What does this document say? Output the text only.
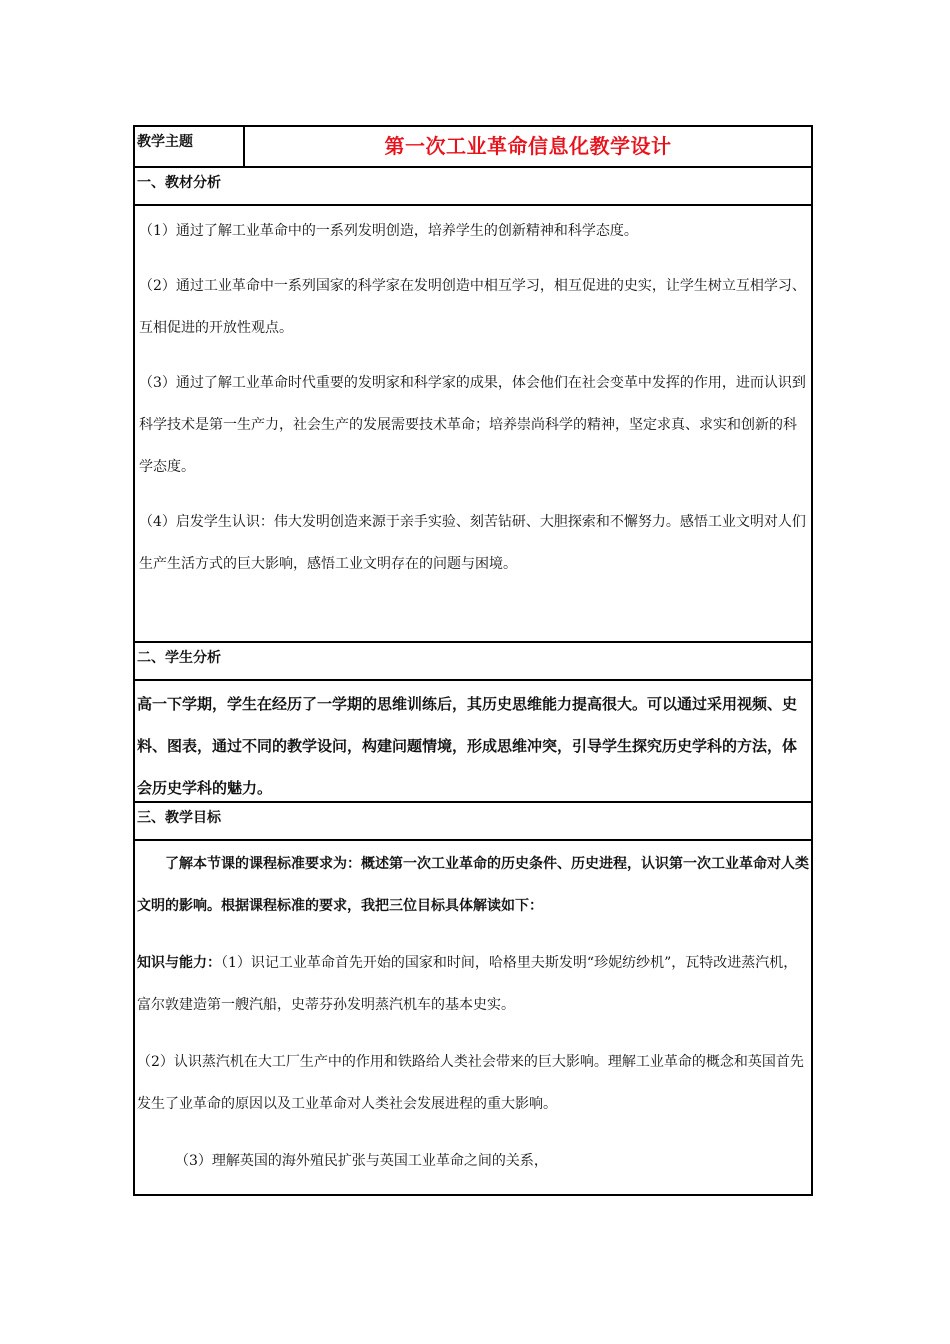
教学主题	第一次工业革命信息化教学设计
一、教材分析

（1）通过了解工业革命中的一系列发明创造，培养学生的创新精神和科学态度。

（2）通过工业革命中一系列国家的科学家在发明创造中相互学习，相互促进的史实，让学生树立互相学习、互相促进的开放性观点。

（3）通过了解工业革命时代重要的发明家和科学家的成果，体会他们在社会变革中发挥的作用，进而认识到科学技术是第一生产力，社会生产的发展需要技术革命；培养崇尚科学的精神，坚定求真、求实和创新的科学态度。

（4）启发学生认识：伟大发明创造来源于亲手实验、刻苦钻研、大胆探索和不懈努力。感悟工业文明对人们生产生活方式的巨大影响，感悟工业文明存在的问题与困境。

二、学生分析
高一下学期，学生在经历了一学期的思维训练后，其历史思维能力提高很大。可以通过采用视频、史料、图表，通过不同的教学设问，构建问题情境，形成思维冲突，引导学生探究历史学科的方法，体会历史学科的魅力。
三、教学目标

了解本节课的课程标准要求为：概述第一次工业革命的历史条件、历史进程，认识第一次工业革命对人类文明的影响。根据课程标准的要求，我把三位目标具体解读如下：

知识与能力：（1）识记工业革命首先开始的国家和时间，哈格里夫斯发明“珍妮纺纱机”，瓦特改进蒸汽机，富尔敦建造第一艘汽船，史蒂芬孙发明蒸汽机车的基本史实。

（2）认识蒸汽机在大工厂生产中的作用和铁路给人类社会带来的巨大影响。理解工业革命的概念和英国首先发生了业革命的原因以及工业革命对人类社会发展进程的重大影响。

（3）理解英国的海外殖民扩张与英国工业革命之间的关系，
